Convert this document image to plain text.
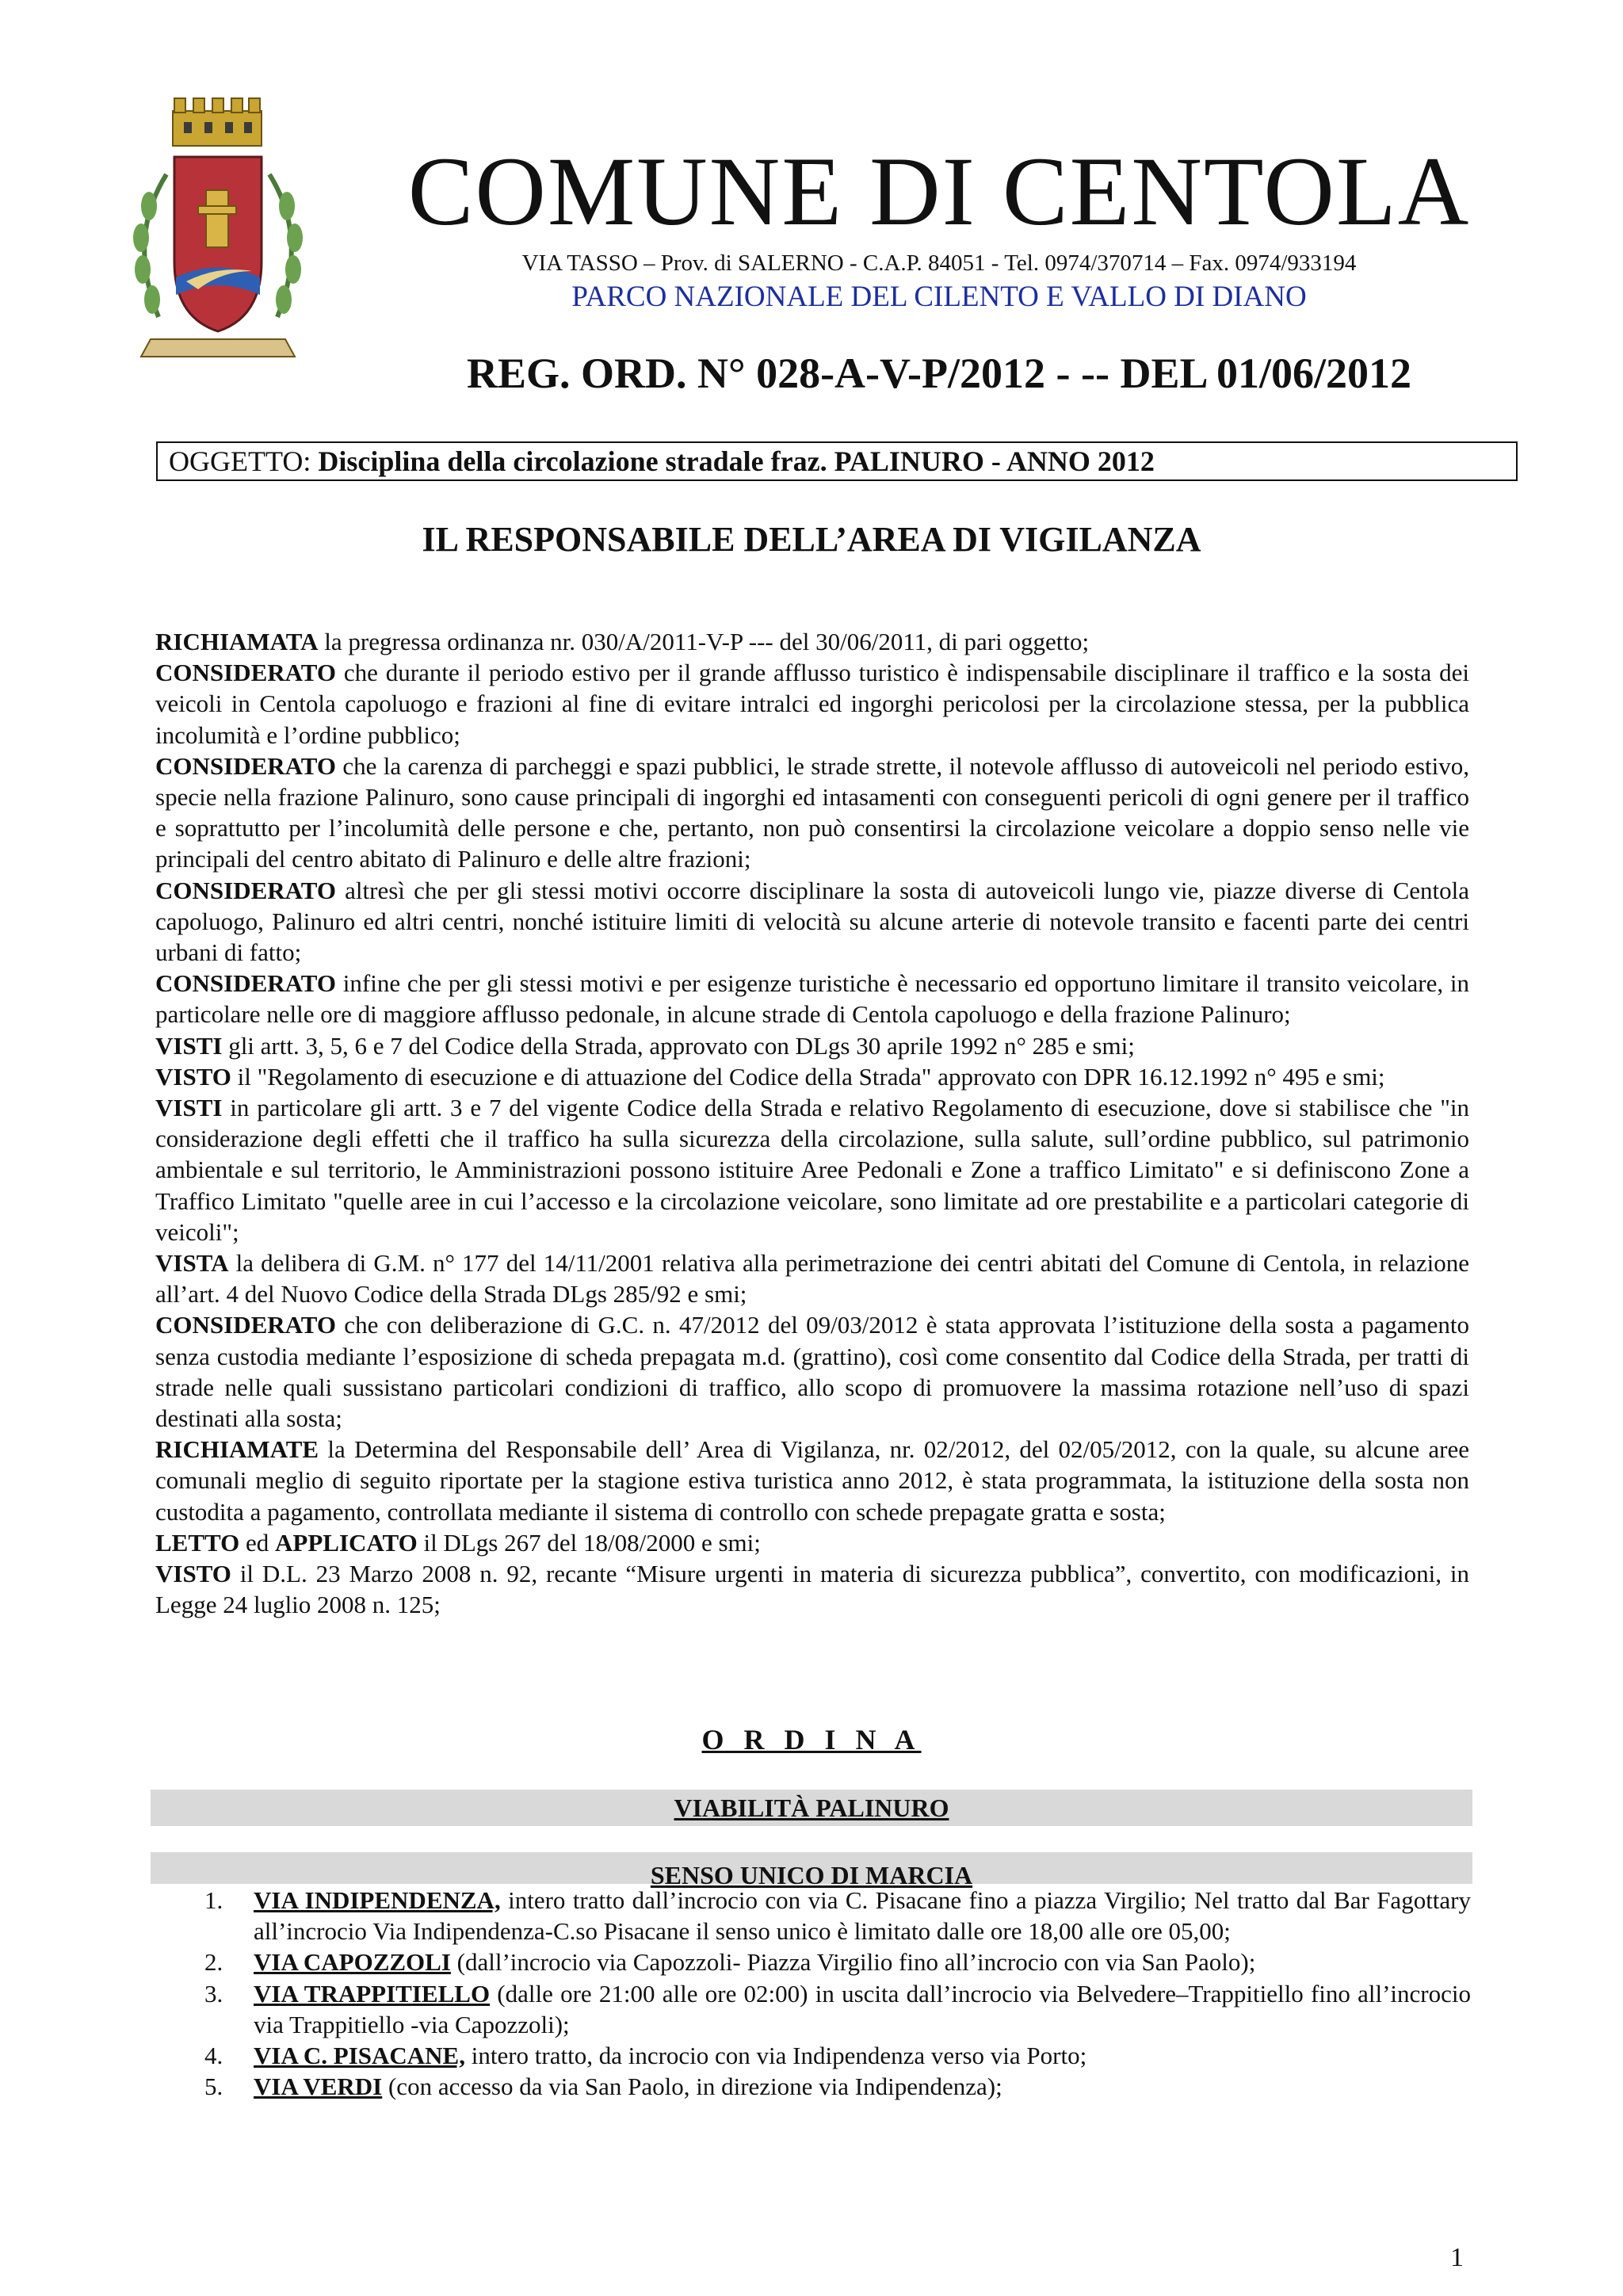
COMUNE DI CENTOLA
VIA TASSO – Prov. di SALERNO - C.A.P. 84051 - Tel. 0974/370714 – Fax. 0974/933194
PARCO NAZIONALE DEL CILENTO E VALLO DI DIANO
REG. ORD. N° 028-A-V-P/2012 - -- DEL 01/06/2012
OGGETTO: Disciplina della circolazione stradale fraz. PALINURO - ANNO 2012
IL RESPONSABILE DELL’AREA DI VIGILANZA

RICHIAMATA la pregressa ordinanza nr. 030/A/2011-V-P --- del 30/06/2011, di pari oggetto;

CONSIDERATO che durante il periodo estivo per il grande afflusso turistico è indispensabile disciplinare il traffico e la sosta dei veicoli in Centola capoluogo e frazioni al fine di evitare intralci ed ingorghi pericolosi per la circolazione stessa, per la pubblica incolumità e l’ordine pubblico;

CONSIDERATO che la carenza di parcheggi e spazi pubblici, le strade strette, il notevole afflusso di autoveicoli nel periodo estivo, specie nella frazione Palinuro, sono cause principali di ingorghi ed intasamenti con conseguenti pericoli di ogni genere per il traffico e soprattutto per l’incolumità delle persone e che, pertanto, non può consentirsi la circolazione veicolare a doppio senso nelle vie principali del centro abitato di Palinuro e delle altre frazioni;

CONSIDERATO altresì che per gli stessi motivi occorre disciplinare la sosta di autoveicoli lungo vie, piazze diverse di Centola capoluogo, Palinuro ed altri centri, nonché istituire limiti di velocità su alcune arterie di notevole transito e facenti parte dei centri urbani di fatto;

CONSIDERATO infine che per gli stessi motivi e per esigenze turistiche è necessario ed opportuno limitare il transito veicolare, in particolare nelle ore di maggiore afflusso pedonale, in alcune strade di Centola capoluogo e della frazione Palinuro;

VISTI gli artt. 3, 5, 6 e 7 del Codice della Strada, approvato con DLgs 30 aprile 1992 n° 285 e smi;

VISTO il "Regolamento di esecuzione e di attuazione del Codice della Strada" approvato con DPR 16.12.1992 n° 495 e smi;

VISTI in particolare gli artt. 3 e 7 del vigente Codice della Strada e relativo Regolamento di esecuzione, dove si stabilisce che "in considerazione degli effetti che il traffico ha sulla sicurezza della circolazione, sulla salute, sull’ordine pubblico, sul patrimonio ambientale e sul territorio, le Amministrazioni possono istituire Aree Pedonali e Zone a traffico Limitato" e si definiscono Zone a Traffico Limitato "quelle aree in cui l’accesso e la circolazione veicolare, sono limitate ad ore prestabilite e a particolari categorie di veicoli";

VISTA la delibera di G.M. n° 177 del 14/11/2001 relativa alla perimetrazione dei centri abitati del Comune di Centola, in relazione all’art. 4 del Nuovo Codice della Strada DLgs 285/92 e smi;

CONSIDERATO che con deliberazione di G.C. n. 47/2012 del 09/03/2012 è stata approvata l’istituzione della sosta a pagamento senza custodia mediante l’esposizione di scheda prepagata m.d. (grattino), così come consentito dal Codice della Strada, per tratti di strade nelle quali sussistano particolari condizioni di traffico, allo scopo di promuovere la massima rotazione nell’uso di spazi destinati alla sosta;

RICHIAMATE la Determina del Responsabile dell’ Area di Vigilanza, nr. 02/2012, del 02/05/2012, con la quale, su alcune aree comunali meglio di seguito riportate per la stagione estiva turistica anno 2012, è stata programmata, la istituzione della sosta non custodita a pagamento, controllata mediante il sistema di controllo con schede prepagate gratta e sosta;

LETTO ed APPLICATO il DLgs 267 del 18/08/2000 e smi;

VISTO il D.L. 23 Marzo 2008 n. 92, recante “Misure urgenti in materia di sicurezza pubblica”, convertito, con modificazioni, in Legge 24 luglio 2008 n. 125;

O R D I N A
VIABILITÀ PALINURO
SENSO UNICO DI MARCIA
1. VIA INDIPENDENZA, intero tratto dall’incrocio con via C. Pisacane fino a piazza Virgilio; Nel tratto dal Bar Fagottary all’incrocio Via Indipendenza-C.so Pisacane il senso unico è limitato dalle ore 18,00 alle ore 05,00;
2. VIA CAPOZZOLI (dall’incrocio via Capozzoli- Piazza Virgilio fino all’incrocio con via San Paolo);
3. VIA TRAPPITIELLO (dalle ore 21:00 alle ore 02:00) in uscita dall’incrocio via Belvedere–Trappitiello fino all’incrocio via Trappitiello -via Capozzoli);
4. VIA C. PISACANE, intero tratto, da incrocio con via Indipendenza verso via Porto;
5. VIA VERDI (con accesso da via San Paolo, in direzione via Indipendenza);
1
